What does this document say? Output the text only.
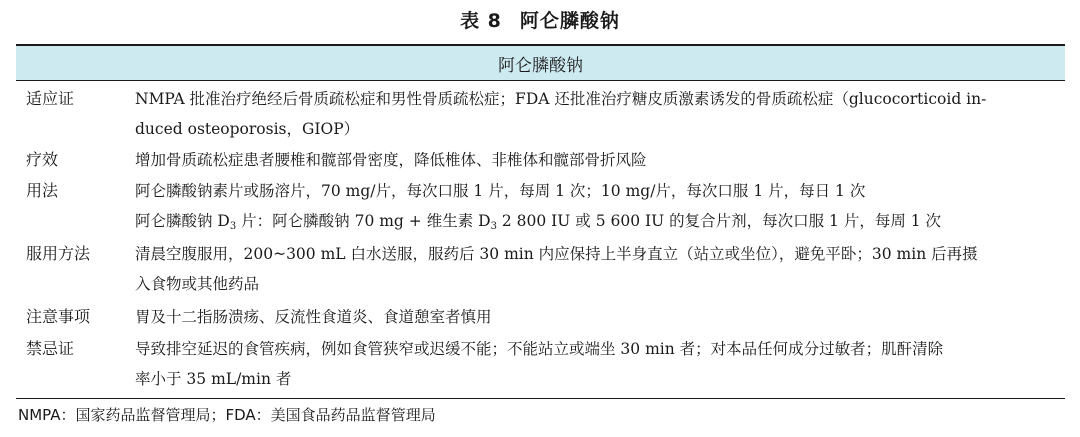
表 8 阿仑膦酸钠
阿仑膦酸钠
适应证	NMPA 批准治疗绝经后骨质疏松症和男性骨质疏松症；FDA 还批准治疗糖皮质激素诱发的骨质疏松症（glucocorticoid in-
duced osteoporosis，GIOP）
疗效	增加骨质疏松症患者腰椎和髋部骨密度，降低椎体、非椎体和髋部骨折风险
用法	阿仑膦酸钠素片或肠溶片，70 mg/片，每次口服 1 片，每周 1 次；10 mg/片，每次口服 1 片，每日 1 次
阿仑膦酸钠 $D_3$ 片：阿仑膦酸钠 70 mg + 维生素 $D_3$ 2 800 IU 或 5 600 IU 的复合片剂，每次口服 1 片，每周 1 次
服用方法	清晨空腹服用，200~300 mL 白水送服，服药后 30 min 内应保持上半身直立（站立或坐位），避免平卧；30 min 后再摄
入食物或其他药品
注意事项	胃及十二指肠溃疡、反流性食道炎、食道憩室者慎用
禁忌证	导致排空延迟的食管疾病，例如食管狭窄或迟缓不能；不能站立或端坐 30 min 者；对本品任何成分过敏者；肌酐清除
率小于 35 mL/min 者
NMPA：国家药品监督管理局；FDA：美国食品药品监督管理局
